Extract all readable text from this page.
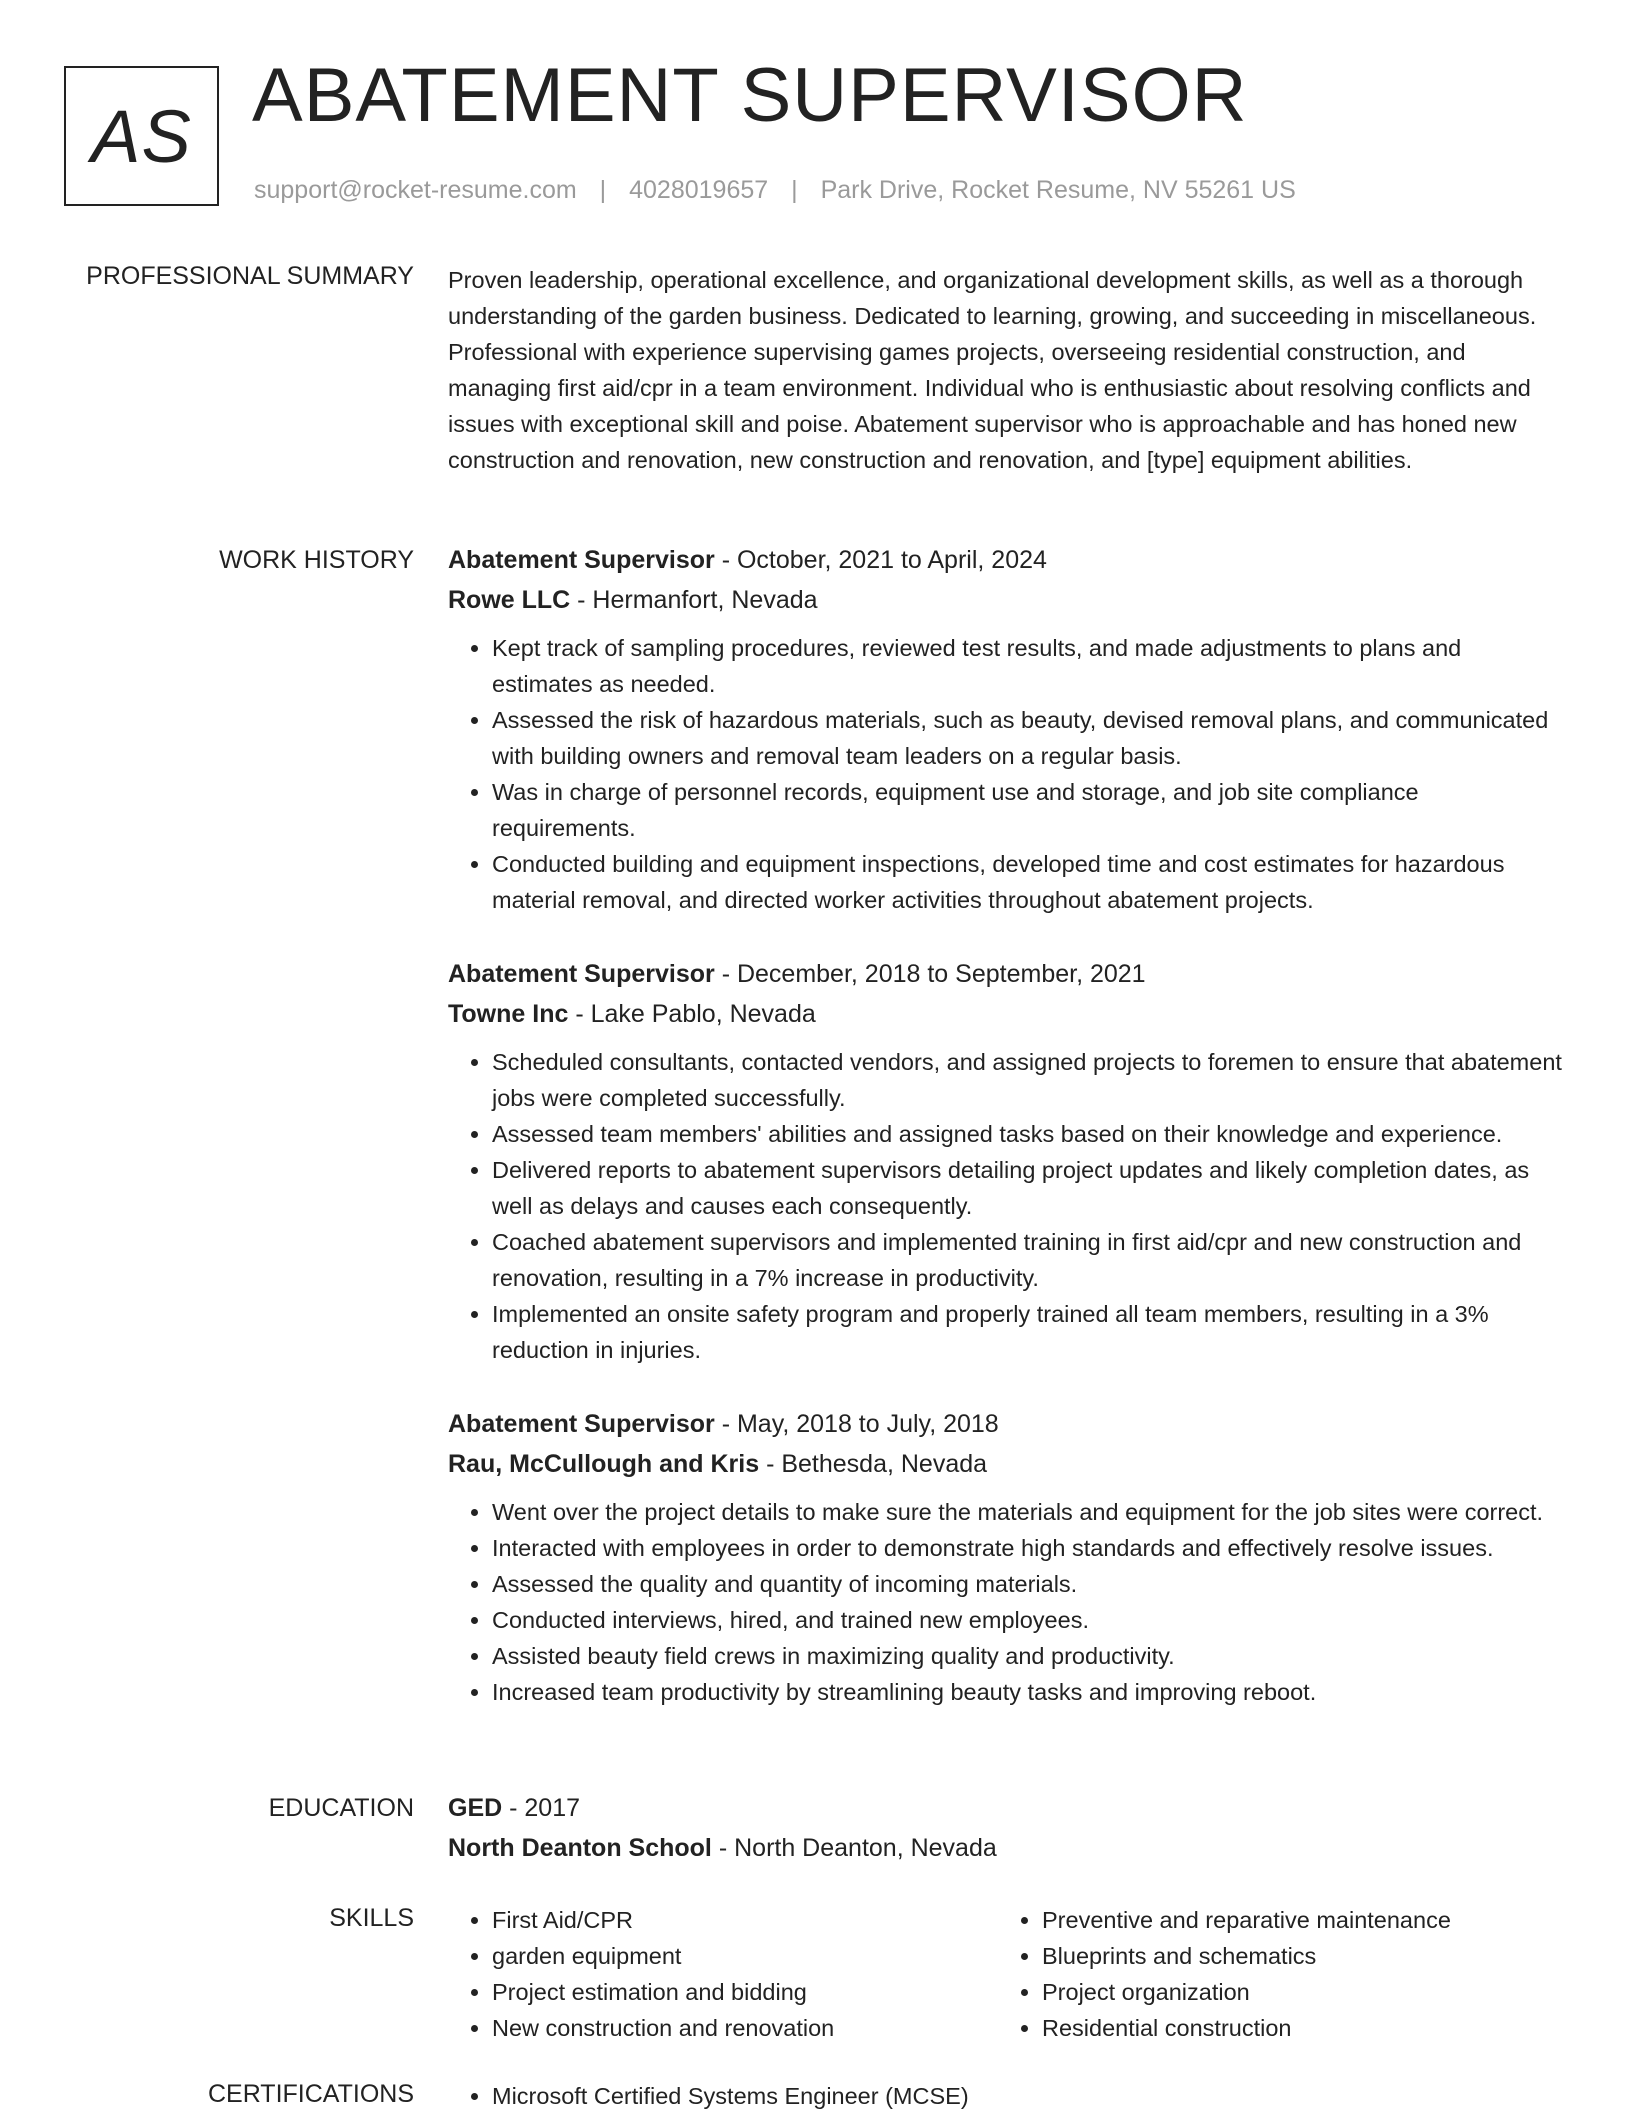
AS ABATEMENT SUPERVISOR
support@rocket-resume.com | 4028019657 | Park Drive, Rocket Resume, NV 55261 US
PROFESSIONAL SUMMARY Proven leadership, operational excellence, and organizational development skills, as well as a thorough understanding of the garden business. Dedicated to learning, growing, and succeeding in miscellaneous. Professional with experience supervising games projects, overseeing residential construction, and managing first aid/cpr in a team environment. Individual who is enthusiastic about resolving conflicts and issues with exceptional skill and poise. Abatement supervisor who is approachable and has honed new construction and renovation, new construction and renovation, and [type] equipment abilities.

WORK HISTORY Abatement Supervisor - October, 2021 to April, 2024
Rowe LLC - Hermanfort, Nevada
• Kept track of sampling procedures, reviewed test results, and made adjustments to plans and estimates as needed.
• Assessed the risk of hazardous materials, such as beauty, devised removal plans, and communicated with building owners and removal team leaders on a regular basis.
• Was in charge of personnel records, equipment use and storage, and job site compliance requirements.
• Conducted building and equipment inspections, developed time and cost estimates for hazardous material removal, and directed worker activities throughout abatement projects.
Abatement Supervisor - December, 2018 to September, 2021
Towne Inc - Lake Pablo, Nevada
• Scheduled consultants, contacted vendors, and assigned projects to foremen to ensure that abatement jobs were completed successfully.
• Assessed team members' abilities and assigned tasks based on their knowledge and experience.
• Delivered reports to abatement supervisors detailing project updates and likely completion dates, as well as delays and causes each consequently.
• Coached abatement supervisors and implemented training in first aid/cpr and new construction and renovation, resulting in a 7% increase in productivity.
• Implemented an onsite safety program and properly trained all team members, resulting in a 3% reduction in injuries.
Abatement Supervisor - May, 2018 to July, 2018
Rau, McCullough and Kris - Bethesda, Nevada
• Went over the project details to make sure the materials and equipment for the job sites were correct.
• Interacted with employees in order to demonstrate high standards and effectively resolve issues.
• Assessed the quality and quantity of incoming materials.
• Conducted interviews, hired, and trained new employees.
• Assisted beauty field crews in maximizing quality and productivity.
• Increased team productivity by streamlining beauty tasks and improving reboot.
EDUCATION GED - 2017
North Deanton School - North Deanton, Nevada
SKILLS	• First Aid/CPR
• garden equipment
• Project estimation and bidding
• New construction and renovation
• Preventive and reparative maintenance
• Blueprints and schematics
• Project organization
• Residential construction
CERTIFICATIONS	• Microsoft Certified Systems Engineer (MCSE)
